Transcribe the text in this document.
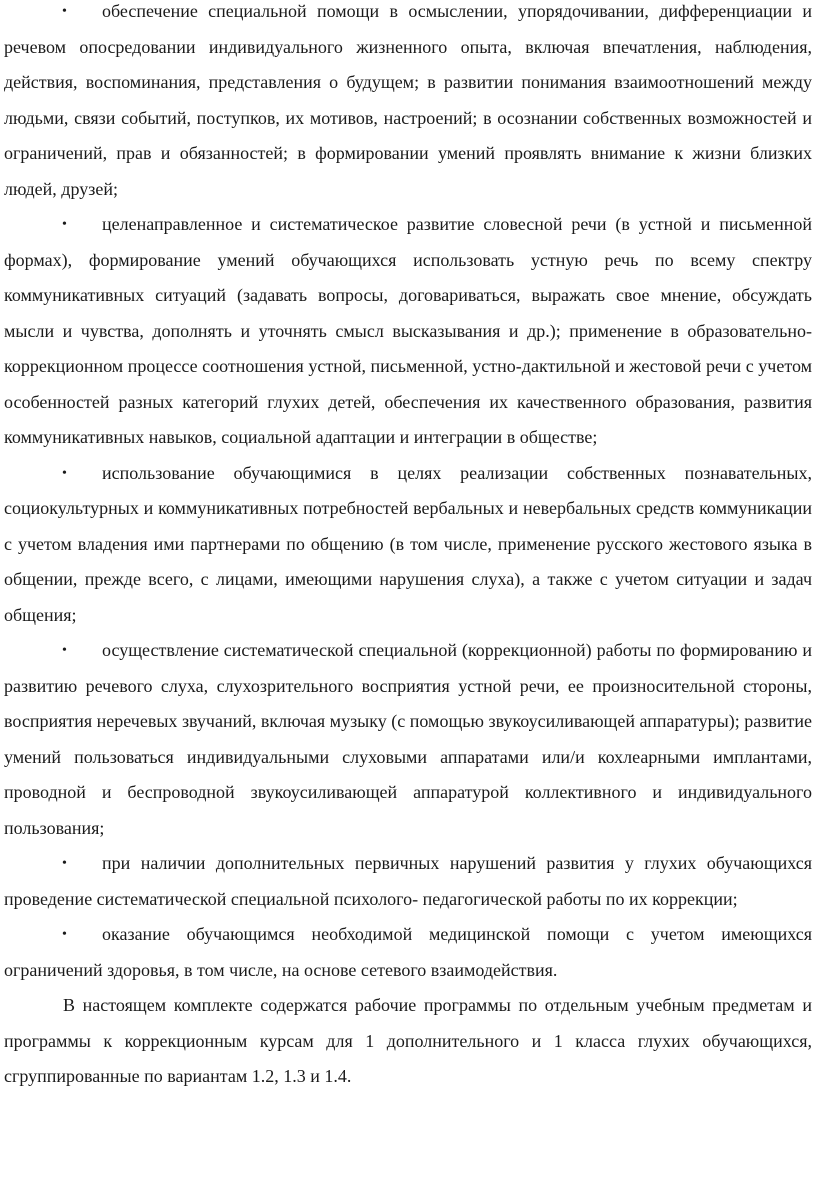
• обеспечение специальной помощи в осмыслении, упорядочивании, дифференциации и речевом опосредовании индивидуального жизненного опыта, включая впечатления, наблюдения, действия, воспоминания, представления о будущем; в развитии понимания взаимоотношений между людьми, связи событий, поступков, их мотивов, настроений; в осознании собственных возможностей и ограничений, прав и обязанностей; в формировании умений проявлять внимание к жизни близких людей, друзей;

• целенаправленное и систематическое развитие словесной речи (в устной и письменной формах), формирование умений обучающихся использовать устную речь по всему спектру коммуникативных ситуаций (задавать вопросы, договариваться, выражать свое мнение, обсуждать мысли и чувства, дополнять и уточнять смысл высказывания и др.); применение в образовательно-коррекционном процессе соотношения устной, письменной, устно-дактильной и жестовой речи с учетом особенностей разных категорий глухих детей, обеспечения их качественного образования, развития коммуникативных навыков, социальной адаптации и интеграции в обществе;

• использование обучающимися в целях реализации собственных познавательных, социокультурных и коммуникативных потребностей вербальных и невербальных средств коммуникации с учетом владения ими партнерами по общению (в том числе, применение русского жестового языка в общении, прежде всего, с лицами, имеющими нарушения слуха), а также с учетом ситуации и задач общения;

• осуществление систематической специальной (коррекционной) работы по формированию и развитию речевого слуха, слухозрительного восприятия устной речи, ее произносительной стороны, восприятия неречевых звучаний, включая музыку (с помощью звукоусиливающей аппаратуры); развитие умений пользоваться индивидуальными слуховыми аппаратами или/и кохлеарными имплантами, проводной и беспроводной звукоусиливающей аппаратурой коллективного и индивидуального пользования;

• при наличии дополнительных первичных нарушений развития у глухих обучающихся проведение систематической специальной психолого- педагогической работы по их коррекции;

• оказание обучающимся необходимой медицинской помощи с учетом имеющихся ограничений здоровья, в том числе, на основе сетевого взаимодействия.

В настоящем комплекте содержатся рабочие программы по отдельным учебным предметам и программы к коррекционным курсам для 1 дополнительного и 1 класса глухих обучающихся, сгруппированные по вариантам 1.2, 1.3 и 1.4.
